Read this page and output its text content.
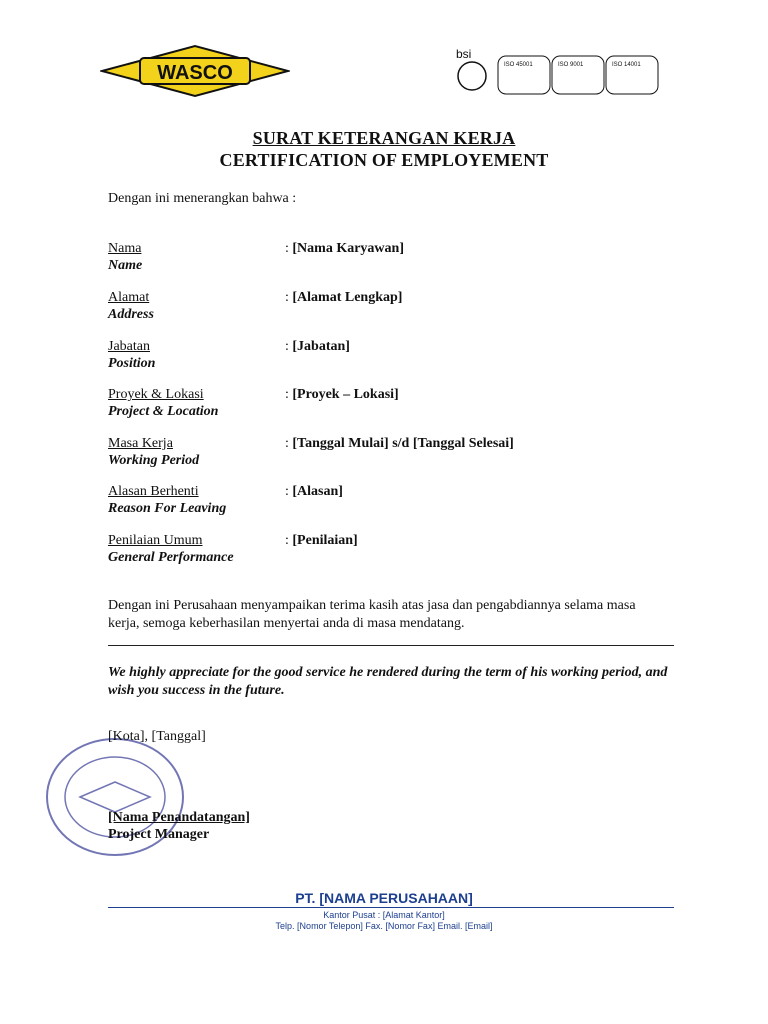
WASCO
bsi
ISO 45001	ISO 9001	ISO 14001
SURAT KETERANGAN KERJA
CERTIFICATION OF EMPLOYEMENT
Dengan ini menerangkan bahwa :
Nama
Name
: [Nama Karyawan]
Alamat
Address
: [Alamat Lengkap]
Jabatan
Position
: [Jabatan]
Proyek & Lokasi
Project & Location
: [Proyek – Lokasi]
Masa Kerja
Working Period
: [Tanggal Mulai] s/d [Tanggal Selesai]
Alasan Berhenti
Reason For Leaving
: [Alasan]
Penilaian Umum
General Performance
: [Penilaian]
Dengan ini Perusahaan menyampaikan terima kasih atas jasa dan pengabdiannya selama masa kerja, semoga keberhasilan menyertai anda di masa mendatang.
We highly appreciate for the good service he rendered during the term of his working period, and wish you success in the future.
[Kota], [Tanggal]
[Nama Penandatangan]
Project Manager
PT. [NAMA PERUSAHAAN]
Kantor Pusat : [Alamat Kantor]
Telp. [Nomor Telepon] Fax. [Nomor Fax] Email. [Email]
